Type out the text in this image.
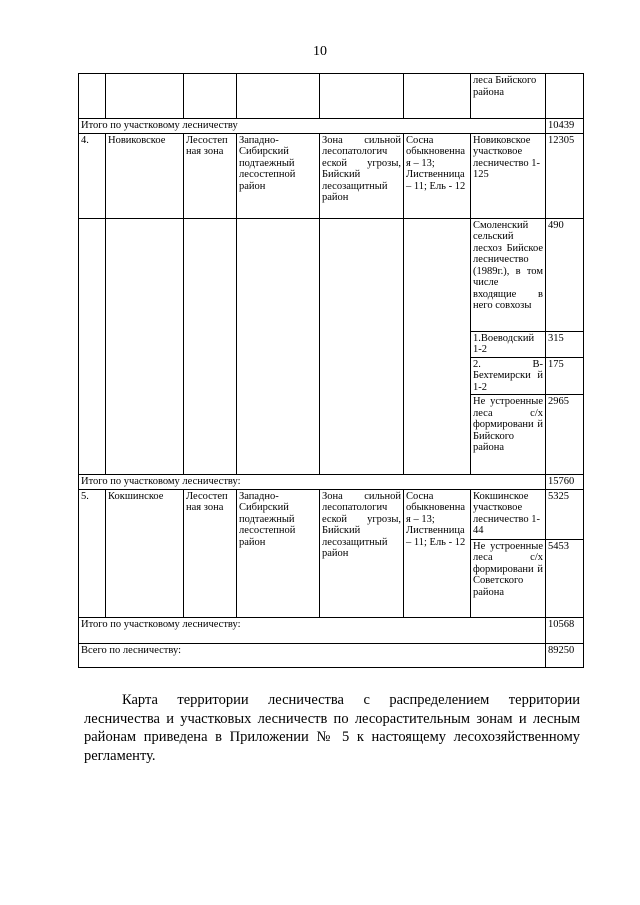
10
						леса Бийского района	
Итого по участковому лесничеству							10439
4.	Новиковское	Лесостеп ная зона	Западно-Сибирский подтаежный лесостепной район	Зона сильной лесопатологич еской угрозы, Бийский лесозащитный район	Сосна обыкновенна я – 13; Лиственница – 11; Ель - 12	Новиковское участковое лесничество 1-125	12305
						Смоленский сельский лесхоз Бийское лесничество (1989г.), в том числе входящие в него совхозы	490
						1.Воеводский 1-2	315
						2. В-Бехтемирски й 1-2	175
						Не устроенные леса с/х формировани й Бийского района	2965
Итого по участковому лесничеству:							15760
5.	Кокшинское	Лесостеп ная зона	Западно-Сибирский подтаежный лесостепной район	Зона сильной лесопатологич еской угрозы, Бийский лесозащитный район	Сосна обыкновенна я – 13; Лиственница – 11; Ель - 12	Кокшинское участковое лесничество 1-44	5325
						Не устроенные леса с/х формировани й Советского района	5453
Итого по участковому лесничеству:							10568
Всего по лесничеству:							89250
Карта территории лесничества с распределением территории лесничества и участковых лесничеств по лесорастительным зонам и лесным районам приведена в Приложении № 5 к настоящему лесохозяйственному регламенту.
